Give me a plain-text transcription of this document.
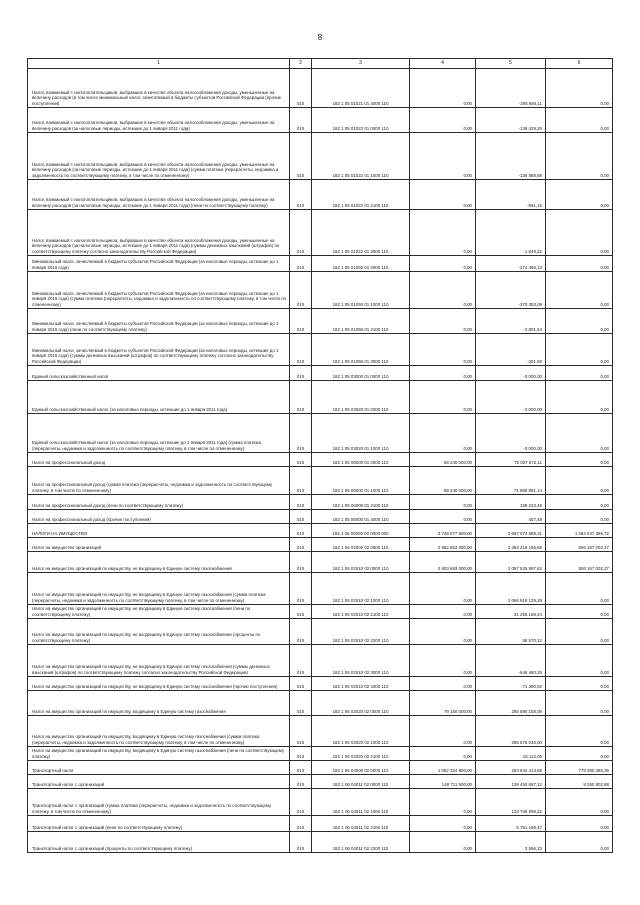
8
1	2	3	4	5	6
Налог, взимаемый с налогоплательщиков, выбравших в качестве объекта налогообложения доходы, уменьшенные на величину расходов (в том числе минимальный налог, зачисляемый в бюджеты субъектов Российской Федерации (прочие поступления)	010	182 1 05 01021 01 4000 110	0,00	-206 684,11	0,00
Налог, взимаемый с налогоплательщиков, выбравших в качестве объекта налогообложения доходы, уменьшенные на величину расходов (за налоговые периоды, истекшие до 1 января 2011 года)	010	182 1 05 01022 01 0000 110	0,00	-139 429,25	0,00
Налог, взимаемый с налогоплательщиков, выбравших в качестве объекта налогообложения доходы, уменьшенные на величину расходов (за налоговые периоды, истекшие до 1 января 2011 года) (сумма платежа (перерасчеты, недоимка и задолженность по соответствующему платежу, в том числе по отмененному)	010	182 1 05 01022 01 1000 110	0,00	-136 588,88	0,00
Налог, взимаемый с налогоплательщиков, выбравших в качестве объекта налогообложения доходы, уменьшенные на величину расходов (за налоговые периоды, истекшие до 1 января 2011 года) (пени по соответствующему платежу)	010	182 1 05 01022 01 2100 110	0,00	-991,15	0,00
Налог, взимаемый с налогоплательщиков, выбравших в качестве объекта налогообложения доходы, уменьшенные на величину расходов (за налоговые периоды, истекшие до 1 января 2011 года) (суммы денежных взысканий (штрафов) по соответствующему платежу согласно законодательству Российской Федерации)	010	182 1 05 01022 01 3000 110	0,00	-1 849,22	0,00
Минимальный налог, зачисляемый в бюджеты субъектов Российской Федерации (за налоговые периоды, истекшие до 1 января 2016 года)	010	182 1 05 01050 01 0000 110	0,00	-274 486,13	0,00
Минимальный налог, зачисляемый в бюджеты субъектов Российской Федерации (за налоговые периоды, истекшие до 1 января 2016 года) (сумма платежа (перерасчеты, недоимка и задолженность по соответствующему платежу, в том числе по отмененному)	010	182 1 05 01050 01 1000 110	0,00	-270 353,09	0,00
Минимальный налог, зачисляемый в бюджеты субъектов Российской Федерации (за налоговые периоды, истекшие до 1 января 2016 года) (пени по соответствующему платежу)	010	182 1 05 01050 01 2100 110	0,00	-3 801,54	0,00
Минимальный налог, зачисляемый в бюджеты субъектов Российской Федерации (за налоговые периоды, истекшие до 1 января 2016 года) (суммы денежных взысканий (штрафов) по соответствующему платежу согласно законодательству Российской Федерации)	010	182 1 05 01050 01 3000 110	0,00	-291,50	0,00
Единый сельскохозяйственный налог	010	182 1 05 03000 01 0000 110	0,00	-3 000,00	0,00
Единый сельскохозяйственный налог (за налоговые периоды, истекшие до 1 января 2011 года)	010	182 1 05 03020 01 0000 110	0,00	-3 000,00	0,00
Единый сельскохозяйственный налог (за налоговые периоды, истекшие до 1 января 2011 года) (сумма платежа (перерасчеты, недоимка и задолженность по соответствующему платежу, в том числе по отмененному)	010	182 1 05 03020 01 1000 110	0,00	-3 000,00	0,00
Налог на профессиональный доход	010	182 1 05 06000 01 0000 110	58 240 000,00	72 027 572,11	0,00
Налог на профессиональный доход (сумма платежа (перерасчеты, недоимка и задолженность по соответствующему платежу, в том числе по отмененному)	010	182 1 05 06000 01 1000 110	58 240 000,00	71 868 891,14	0,00
Налог на профессиональный доход (пени по соответствующему платежу)	010	182 1 05 06000 01 2100 110	0,00	158 223,49	0,00
Налог на профессиональный доход (прочие поступления)	010	182 1 05 06000 01 4000 110	0,00	457,48	0,00
НАЛОГИ НА ИМУЩЕСТВО	010	182 1 06 00000 00 0000 000	3 745 077 800,00	2 667 074 689,31	1 284 547 386,72
Налог на имущество организаций	010	182 1 06 02000 02 0000 110	2 682 853 000,00	2 383 218 155,68	506 167 002,37
Налог на имущество организаций по имуществу, не входящему в Единую систему газоснабжения	010	182 1 06 02010 02 0000 110	2 603 693 000,00	2 097 525 997,63	506 167 002,37
Налог на имущество организаций по имуществу, не входящему в Единую систему газоснабжения (сумма платежа (перерасчеты, недоимка и задолженность по соответствующему платежу, в том числе по отмененному)	010	182 1 06 02010 02 1000 110	0,00	2 066 919 129,28	0,00
Налог на имущество организаций по имуществу, не входящему в Единую систему газоснабжения (пени по соответствующему платежу)	010	182 1 06 02010 02 2100 110	0,00	31 265 169,44	0,00
Налог на имущество организаций по имуществу, не входящему в Единую систему газоснабжения (проценты по соответствующему платежу)	010	182 1 06 02010 02 2200 110	0,00	58 570,12	0,00
Налог на имущество организаций по имуществу, не входящему в Единую систему газоснабжения (суммы денежных взысканий (штрафов) по соответствующему платежу согласно законодательству Российской Федерации)	010	182 1 06 02010 02 3000 110	0,00	-646 480,29	0,00
Налог на имущество организаций по имуществу, не входящему в Единую систему газоснабжения (прочие поступления)	010	182 1 06 02010 02 4000 110	0,00	-71 390,92	0,00
Налог на имущество организаций по имуществу, входящему в Единую систему газоснабжения	010	182 1 06 02020 02 0000 110	79 160 000,00	285 690 158,05	0,00
Налог на имущество организаций по имуществу, входящему в Единую систему газоснабжения (сумма платежа (перерасчеты, недоимка и задолженность по соответствующему платежу, в том числе по отмененному)	010	182 1 06 02020 02 1000 110	0,00	285 675 046,00	0,00
Налог на имущество организаций по имуществу, входящему в Единую систему газоснабжения (пени по соответствующему платежу)	010	182 1 06 02020 02 2100 110	0,00	15 112,05	0,00
Транспортный налог	010	182 1 06 04000 02 0000 110	1 062 224 800,00	283 844 413,65	778 380 386,35
Транспортный налог с организаций	010	182 1 06 04011 02 0000 110	148 711 500,00	139 450 697,12	9 260 802,88
Транспортный налог с организаций (сумма платежа (перерасчеты, недоимка и задолженность по соответствующему платежу, в том числе по отмененному)	010	182 1 06 04011 02 1000 110	0,00	133 706 998,22	0,00
Транспортный налог с организаций (пени по соответствующему платежу)	010	182 1 06 04011 02 2100 110	0,00	5 751 199,47	0,00
Транспортный налог с организаций (проценты по соответствующему платежу)	010	182 1 06 04011 02 2200 110	0,00	3 556,22	0,00
